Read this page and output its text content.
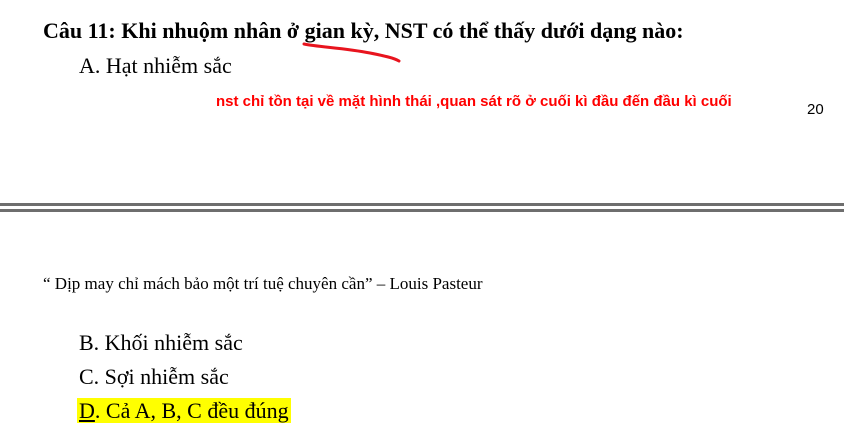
Câu 11: Khi nhuộm nhân ở gian kỳ, NST có thể thấy dưới dạng nào:
A. Hạt nhiễm sắc
nst chỉ tồn tại về mặt hình thái ,quan sát rõ ở cuối kì đầu đến đầu kì cuối	20
“ Dịp may chỉ mách bảo một trí tuệ chuyên cần” – Louis Pasteur
B. Khối nhiễm sắc
C. Sợi nhiễm sắc
D. Cả A, B, C đều đúng
